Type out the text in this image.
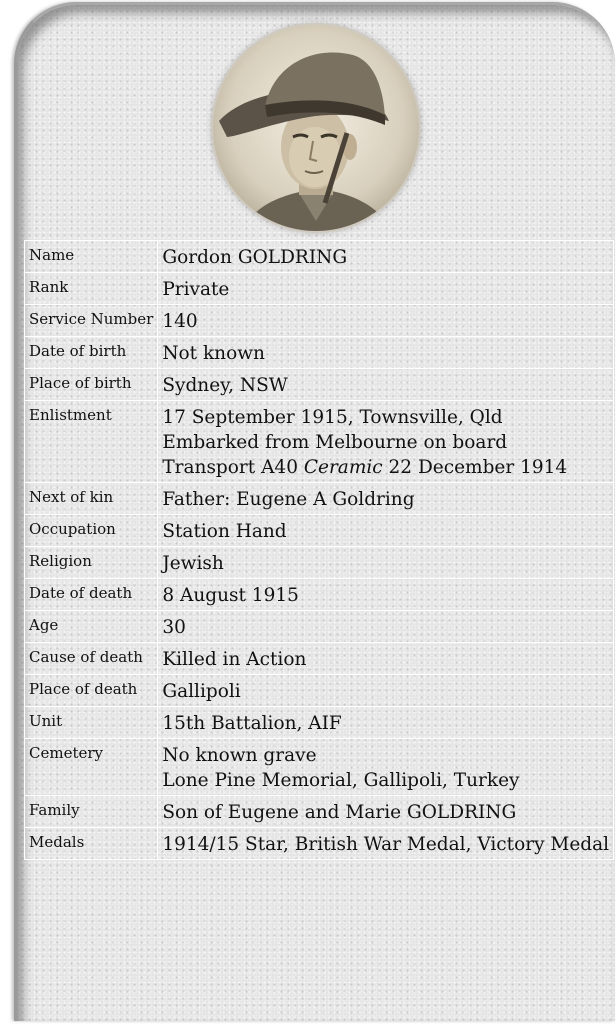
Name	Gordon GOLDRING
Rank	Private
Service Number	140
Date of birth	Not known
Place of birth	Sydney, NSW
Enlistment	17 September 1915, Townsville, Qld
Embarked from Melbourne on board
Transport A40 Ceramic 22 December 1914

Next of kin	Father: Eugene A Goldring
Occupation	Station Hand
Religion	Jewish
Date of death	8 August 1915
Age	30
Cause of death	Killed in Action
Place of death	Gallipoli
Unit	15th Battalion, AIF
Cemetery	No known grave
Lone Pine Memorial, Gallipoli, Turkey

Family	Son of Eugene and Marie GOLDRING
Medals	1914/15 Star, British War Medal, Victory Medal
